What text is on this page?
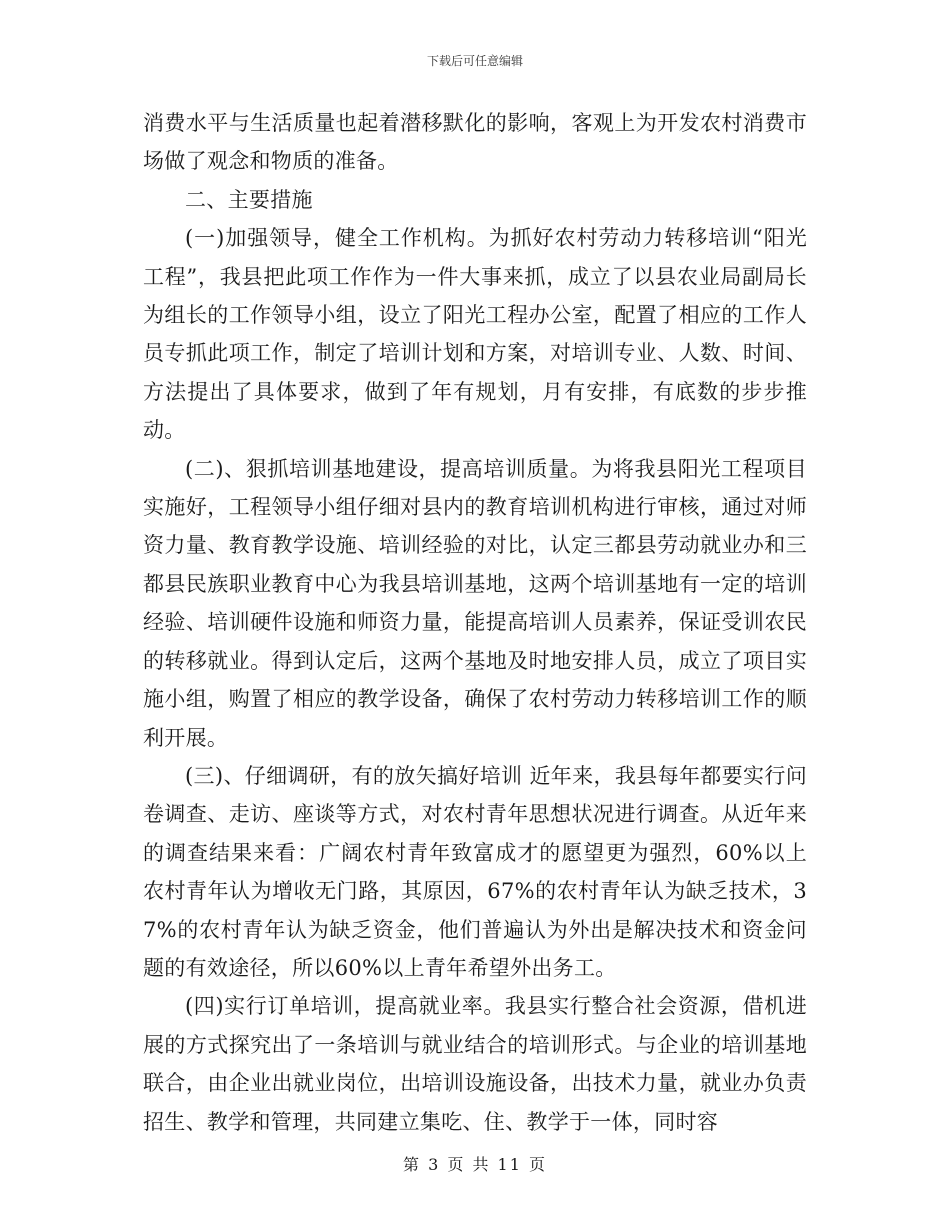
下载后可任意编辑

消费水平与生活质量也起着潜移默化的影响，客观上为开发农村消费市场做了观念和物质的准备。

二、主要措施

(一)加强领导，健全工作机构。为抓好农村劳动力转移培训“阳光工程”，我县把此项工作作为一件大事来抓，成立了以县农业局副局长为组长的工作领导小组，设立了阳光工程办公室，配置了相应的工作人员专抓此项工作，制定了培训计划和方案，对培训专业、人数、时间、方法提出了具体要求，做到了年有规划，月有安排，有底数的步步推动。

(二)、狠抓培训基地建设，提高培训质量。为将我县阳光工程项目实施好，工程领导小组仔细对县内的教育培训机构进行审核，通过对师资力量、教育教学设施、培训经验的对比，认定三都县劳动就业办和三都县民族职业教育中心为我县培训基地，这两个培训基地有一定的培训经验、培训硬件设施和师资力量，能提高培训人员素养，保证受训农民的转移就业。得到认定后，这两个基地及时地安排人员，成立了项目实施小组，购置了相应的教学设备，确保了农村劳动力转移培训工作的顺利开展。

(三)、仔细调研，有的放矢搞好培训 近年来，我县每年都要实行问卷调查、走访、座谈等方式，对农村青年思想状况进行调查。从近年来的调查结果来看：广阔农村青年致富成才的愿望更为强烈，60%以上农村青年认为增收无门路，其原因，67%的农村青年认为缺乏技术，37%的农村青年认为缺乏资金，他们普遍认为外出是解决技术和资金问题的有效途径，所以60%以上青年希望外出务工。

(四)实行订单培训，提高就业率。我县实行整合社会资源，借机进展的方式探究出了一条培训与就业结合的培训形式。与企业的培训基地联合，由企业出就业岗位，出培训设施设备，出技术力量，就业办负责招生、教学和管理，共同建立集吃、住、教学于一体，同时容

第 3 页 共 11 页
